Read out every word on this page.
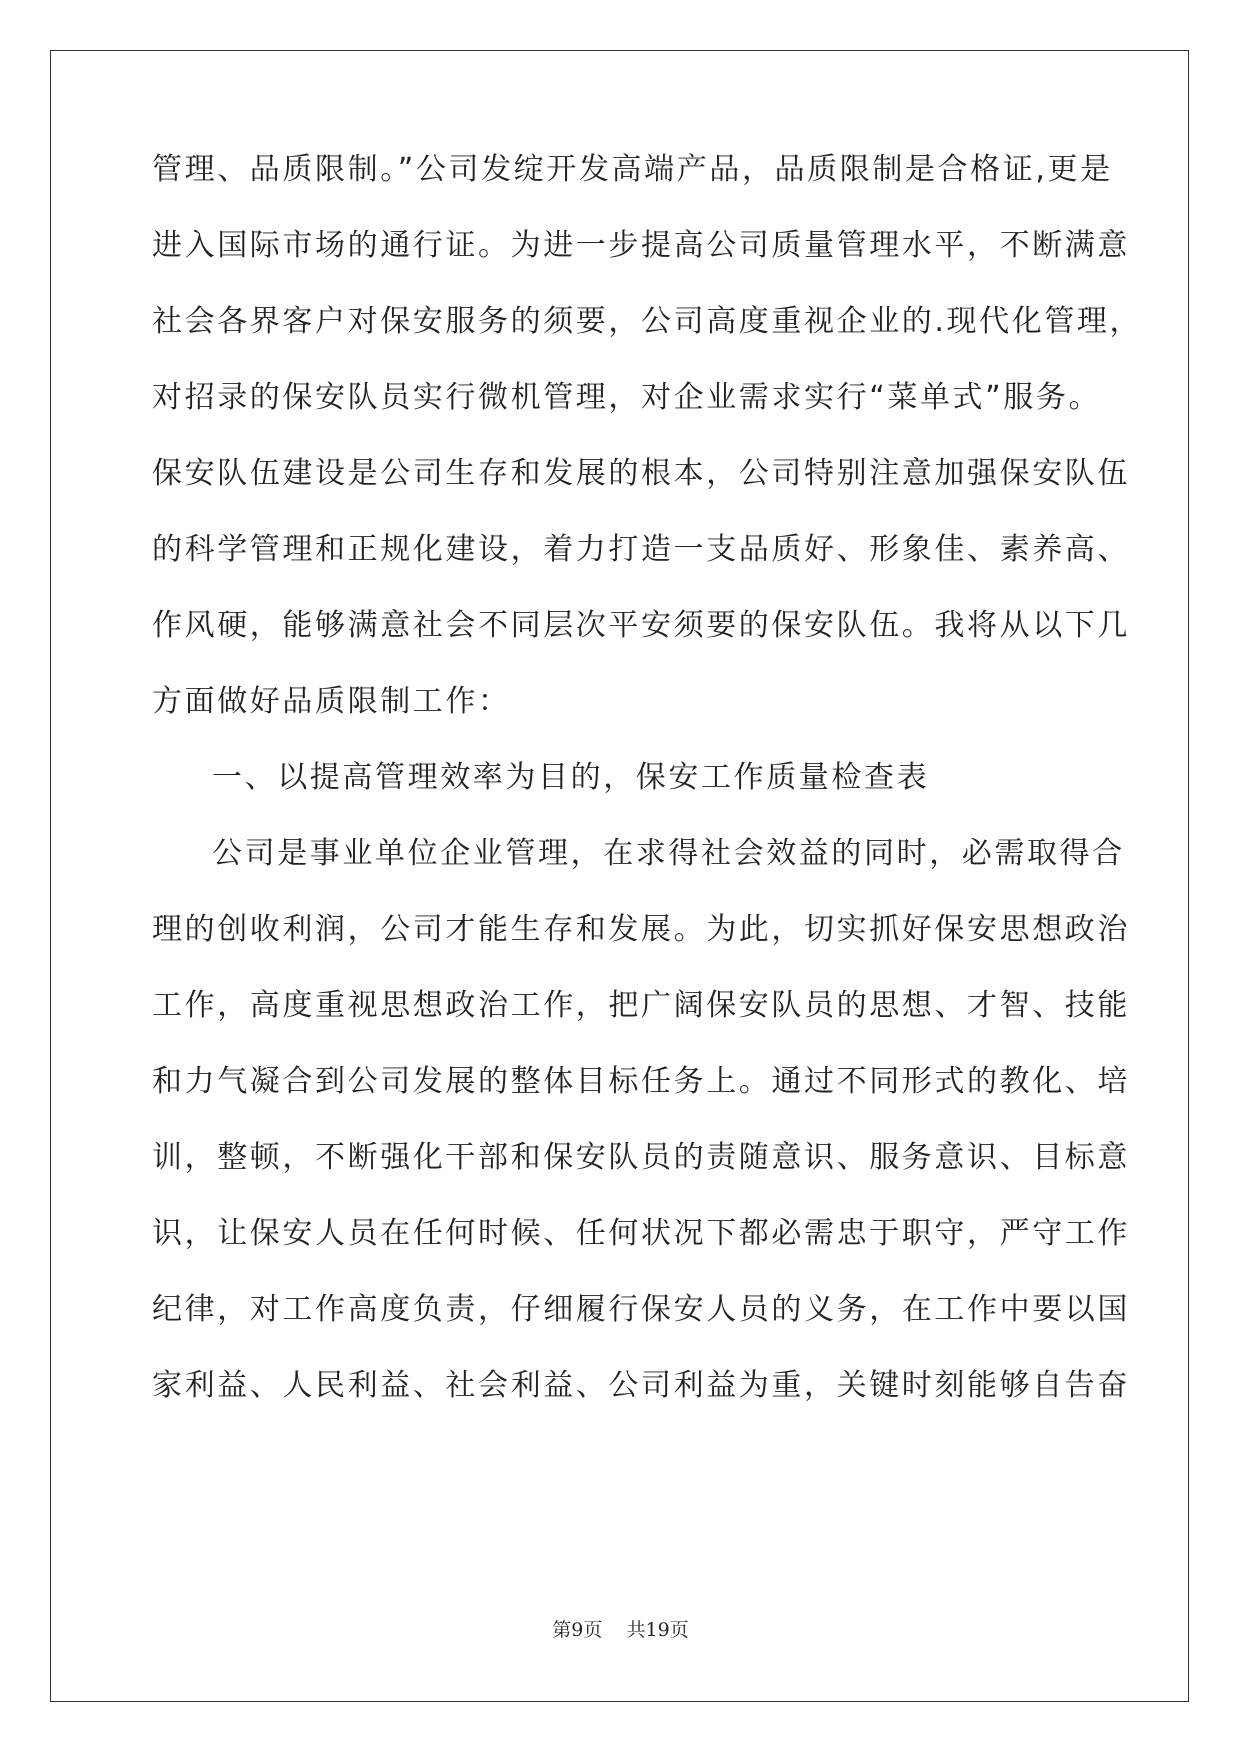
管理、品质限制。”公司发绽开发高端产品，品质限制是合格证,更是
进入国际市场的通行证。为进一步提高公司质量管理水平，不断满意
社会各界客户对保安服务的须要，公司高度重视企业的.现代化管理，
对招录的保安队员实行微机管理，对企业需求实行“菜单式”服务。
保安队伍建设是公司生存和发展的根本，公司特别注意加强保安队伍
的科学管理和正规化建设，着力打造一支品质好、形象佳、素养高、
作风硬，能够满意社会不同层次平安须要的保安队伍。我将从以下几
方面做好品质限制工作：
一、以提高管理效率为目的，保安工作质量检查表
公司是事业单位企业管理，在求得社会效益的同时，必需取得合
理的创收利润，公司才能生存和发展。为此，切实抓好保安思想政治
工作，高度重视思想政治工作，把广阔保安队员的思想、才智、技能
和力气凝合到公司发展的整体目标任务上。通过不同形式的教化、培
训，整顿，不断强化干部和保安队员的责随意识、服务意识、目标意
识，让保安人员在任何时候、任何状况下都必需忠于职守，严守工作
纪律，对工作高度负责，仔细履行保安人员的义务，在工作中要以国
家利益、人民利益、社会利益、公司利益为重，关键时刻能够自告奋
第9页 共19页
